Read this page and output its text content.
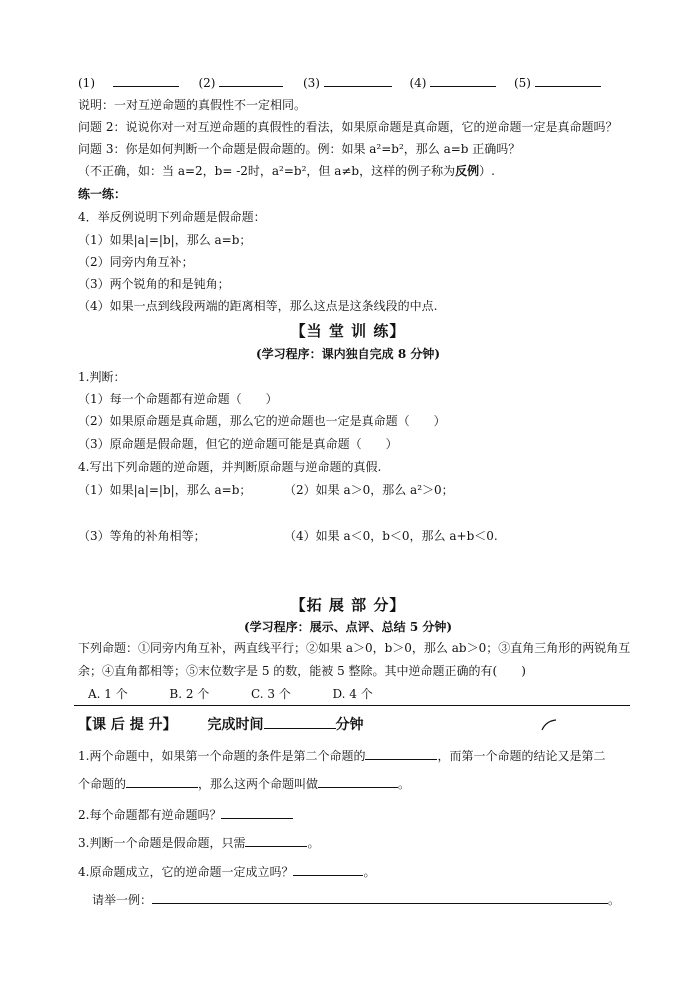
(1)	(2)	(3)	(4)	(5)
说明：一对互逆命题的真假性不一定相同。
问题 2：说说你对一对互逆命题的真假性的看法，如果原命题是真命题，它的逆命题一定是真命题吗？
问题 3：你是如何判断一个命题是假命题的。例：如果 a²=b²，那么 a=b 正确吗？
（不正确，如：当 a=2，b= -2时，a²=b²，但 a≠b，这样的例子称为反例）.
练一练：
4．举反例说明下列命题是假命题：
（1）如果|a|=|b|，那么 a=b；
（2）同旁内角互补；
（3）两个锐角的和是钝角；
（4）如果一点到线段两端的距离相等，那么这点是这条线段的中点.
【当 堂 训 练】
(学习程序：课内独自完成 8 分钟)
1.判断：
（1）每一个命题都有逆命题（　　）
（2）如果原命题是真命题，那么它的逆命题也一定是真命题（　　）
（3）原命题是假命题，但它的逆命题可能是真命题（　　）
4.写出下列命题的逆命题，并判断原命题与逆命题的真假.
（1）如果|a|=|b|，那么 a=b；	（2）如果 a＞0，那么 a²＞0；
（3）等角的补角相等；	（4）如果 a＜0，b＜0，那么 a+b＜0.
【拓 展 部 分】
(学习程序：展示、点评、总结 5 分钟)
下列命题：①同旁内角互补，两直线平行；②如果 a＞0，b＞0，那么 ab＞0；③直角三角形的两锐角互
余；④直角都相等；⑤末位数字是 5 的数，能被 5 整除。其中逆命题正确的有(　　)
A. 1 个	B. 2 个	C. 3 个	D. 4 个
【课 后 提 升】 完成时间	分钟
1.两个命题中，如果第一个命题的条件是第二个命题的	，而第一个命题的结论又是第二
个命题的	，那么这两个命题叫做	。
2.每个命题都有逆命题吗？
3.判断一个命题是假命题，只需	。
4.原命题成立，它的逆命题一定成立吗？	。
请举一例：	。
